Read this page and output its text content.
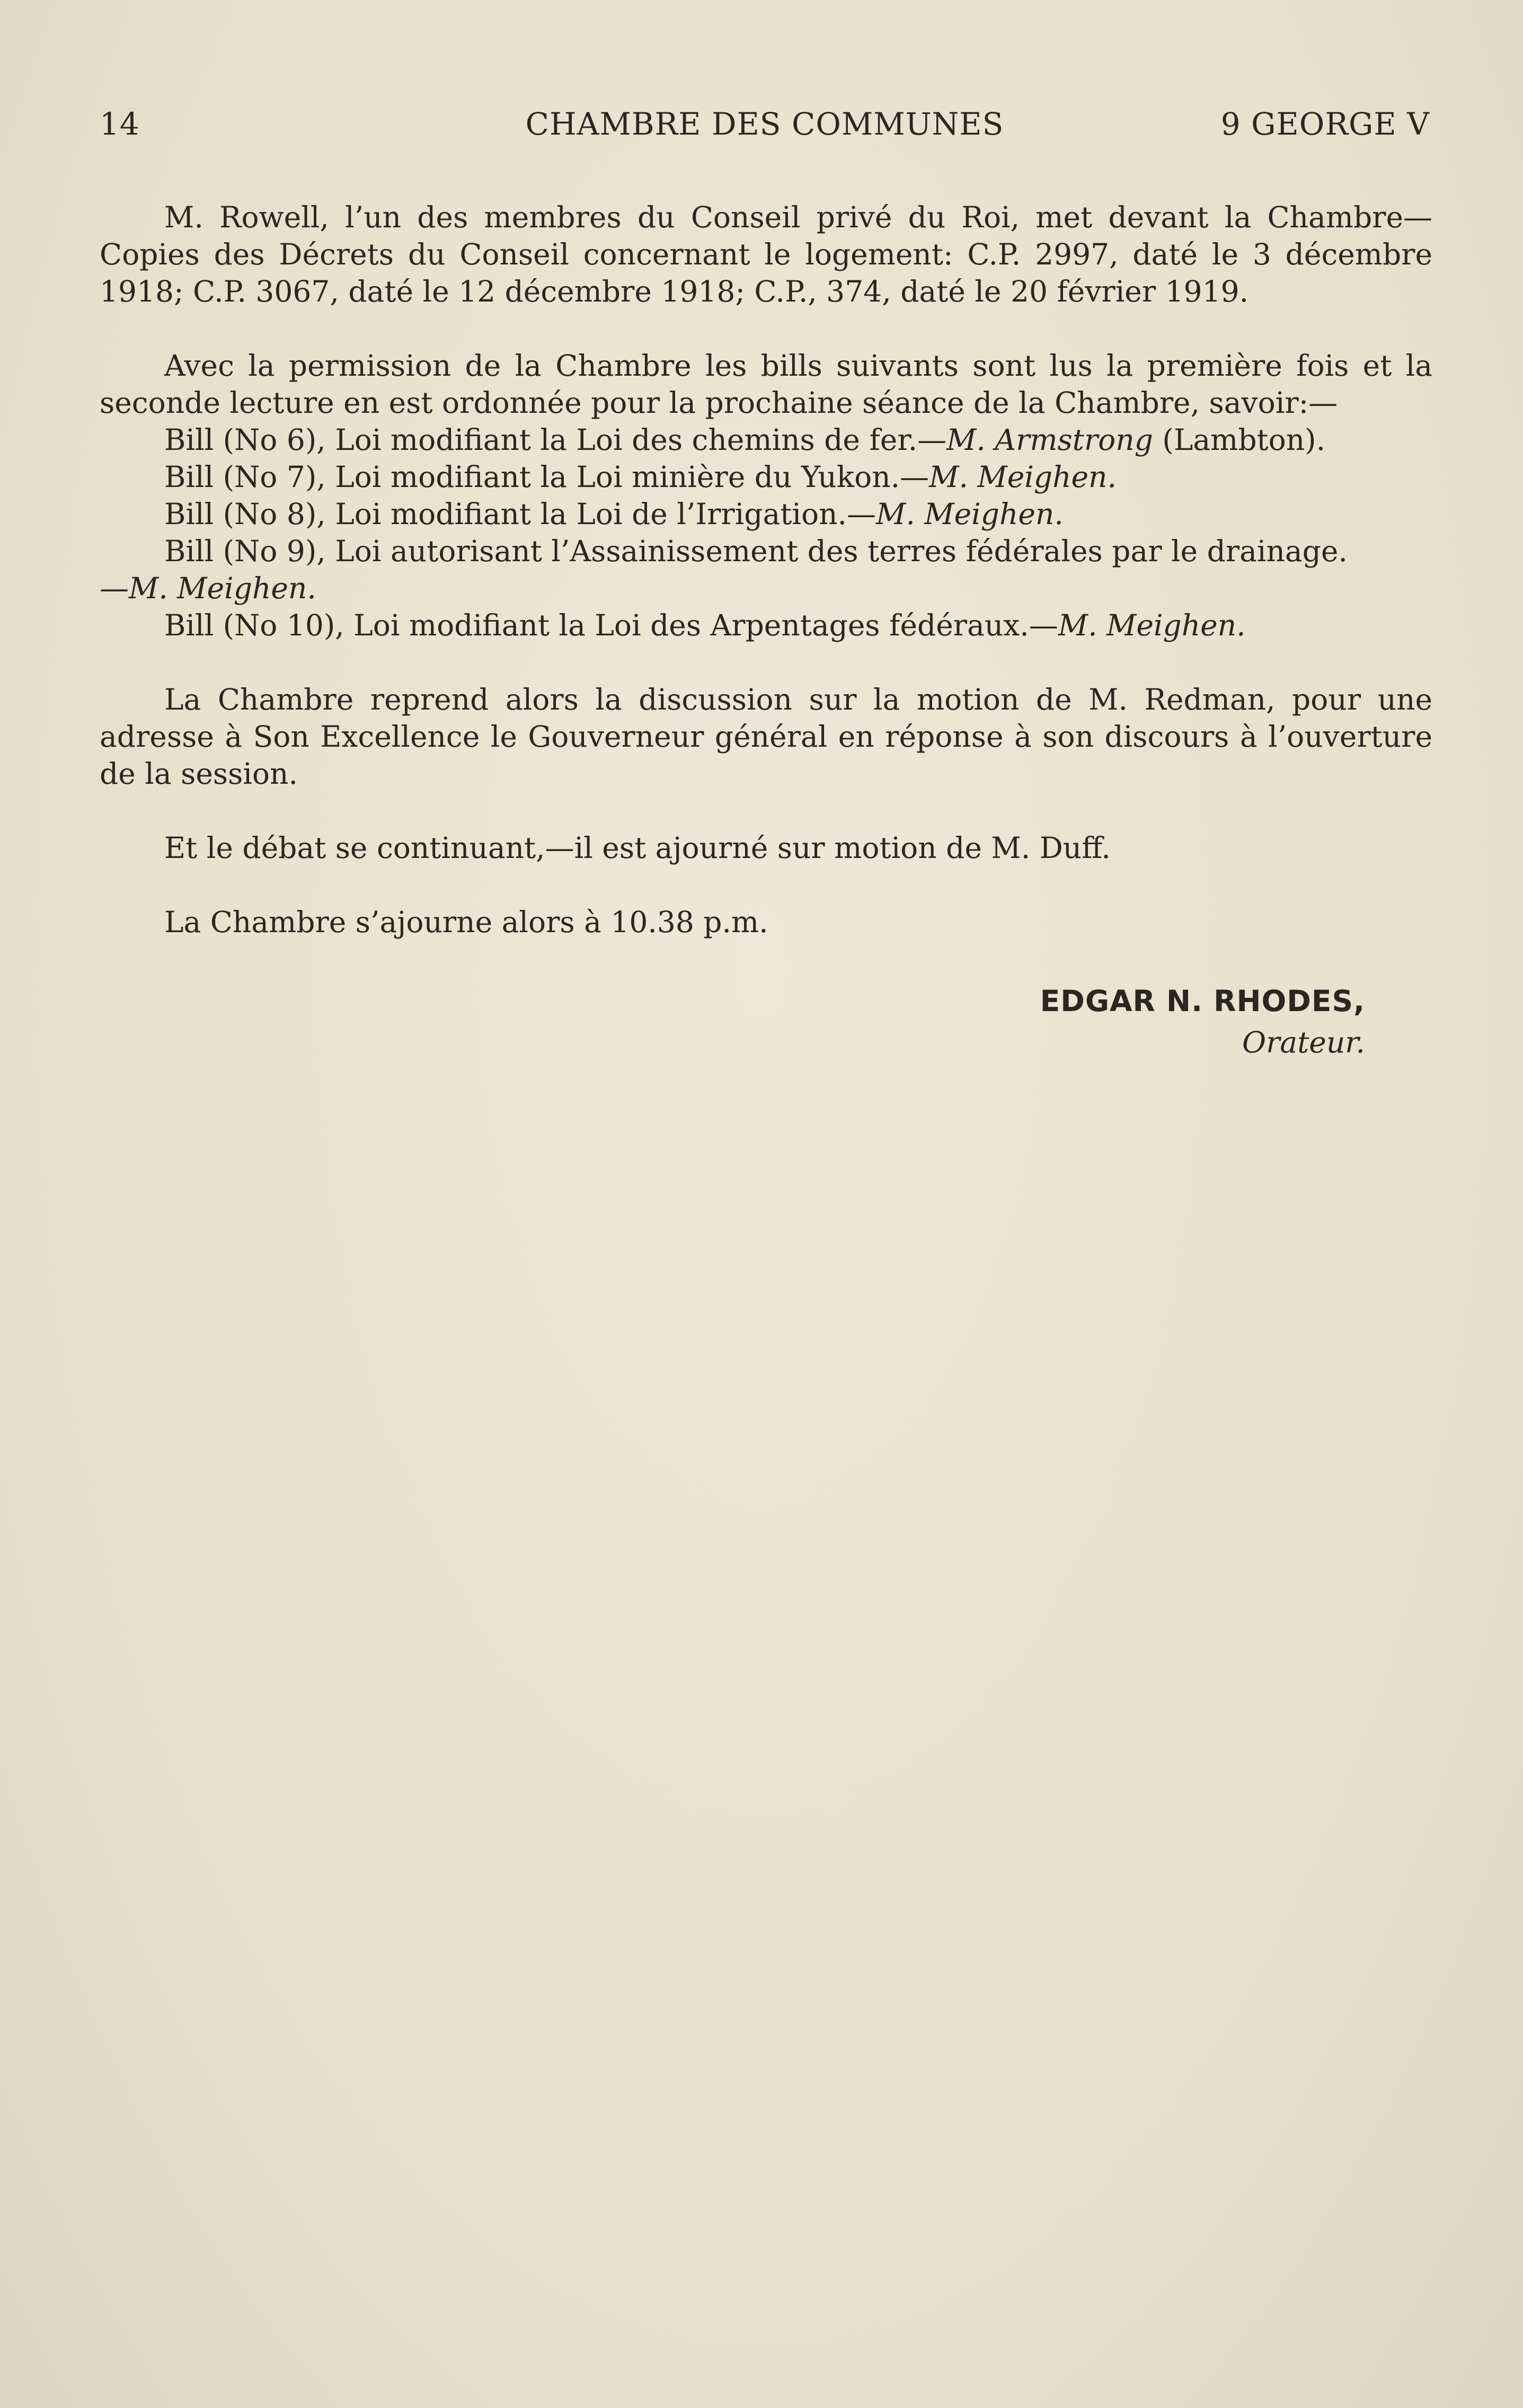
14	CHAMBRE DES COMMUNES	9 GEORGE V

M. Rowell, l’un des membres du Conseil privé du Roi, met devant la Chambre—Copies des Décrets du Conseil concernant le logement: C.P. 2997, daté le 3 décembre 1918; C.P. 3067, daté le 12 décembre 1918; C.P., 374, daté le 20 février 1919.

Avec la permission de la Chambre les bills suivants sont lus la première fois et la seconde lecture en est ordonnée pour la prochaine séance de la Chambre, savoir:—

Bill (No 6), Loi modifiant la Loi des chemins de fer.—M. Armstrong (Lambton).

Bill (No 7), Loi modifiant la Loi minière du Yukon.—M. Meighen.

Bill (No 8), Loi modifiant la Loi de l’Irrigation.—M. Meighen.

Bill (No 9), Loi autorisant l’Assainissement des terres fédérales par le drainage.

—M. Meighen.

Bill (No 10), Loi modifiant la Loi des Arpentages fédéraux.—M. Meighen.

La Chambre reprend alors la discussion sur la motion de M. Redman, pour une adresse à Son Excellence le Gouverneur général en réponse à son discours à l’ouverture de la session.

Et le débat se continuant,—il est ajourné sur motion de M. Duff.

La Chambre s’ajourne alors à 10.38 p.m.

EDGAR N. RHODES,
Orateur.
